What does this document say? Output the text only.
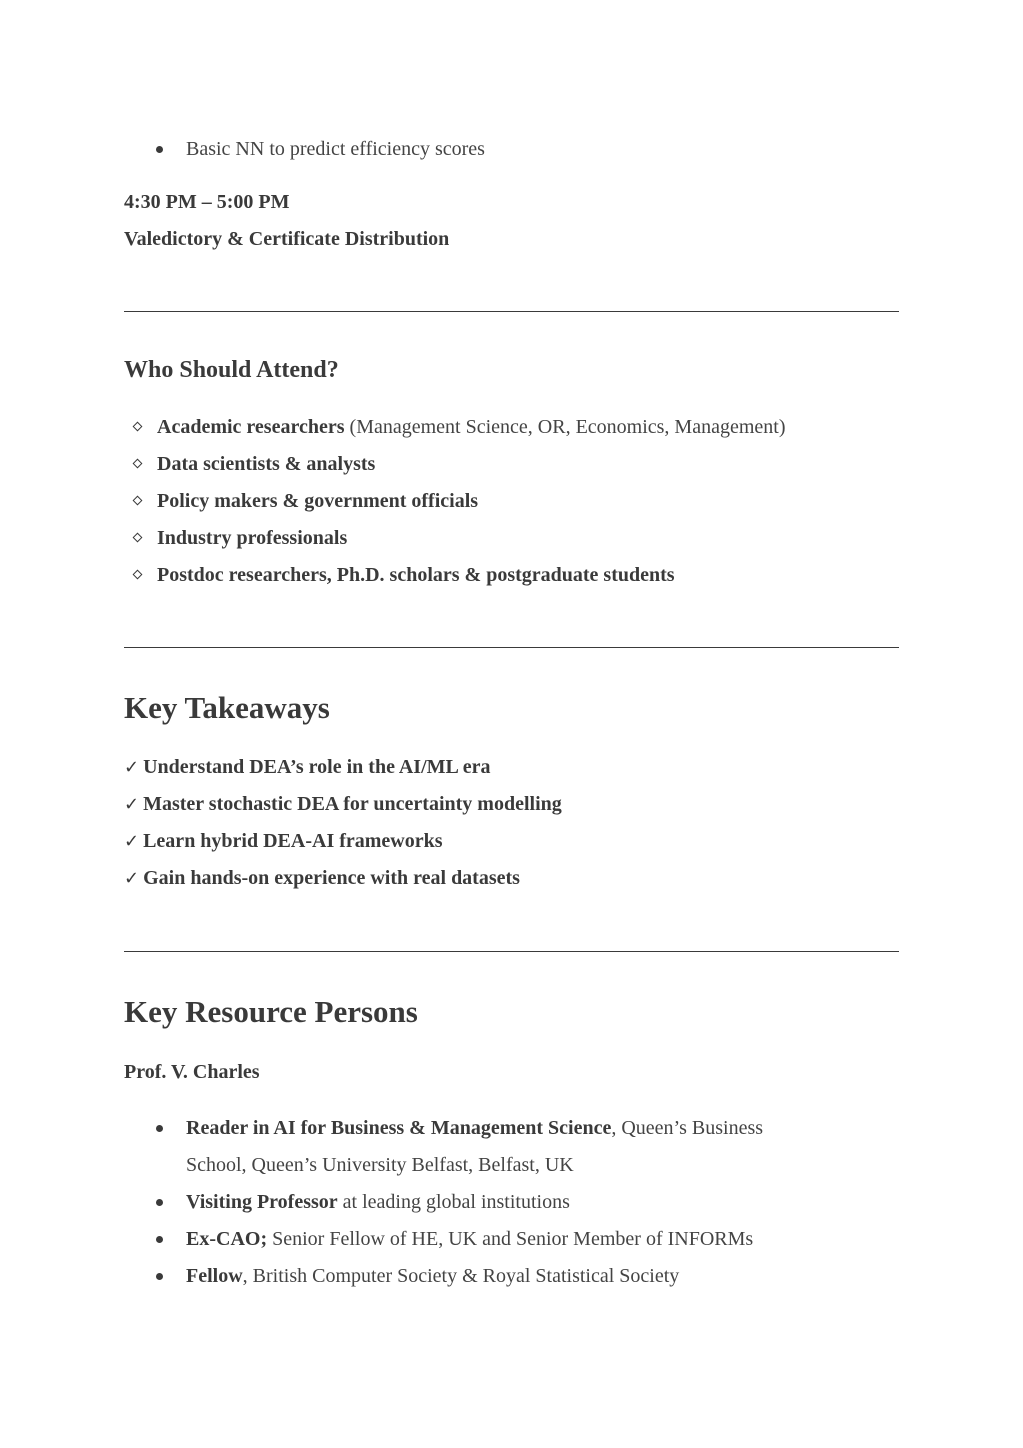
Basic NN to predict efficiency scores
4:30 PM – 5:00 PM
Valedictory & Certificate Distribution
Who Should Attend?
Academic researchers (Management Science, OR, Economics, Management)
Data scientists & analysts
Policy makers & government officials
Industry professionals
Postdoc researchers, Ph.D. scholars & postgraduate students
Key Takeaways
✓ Understand DEA’s role in the AI/ML era
✓ Master stochastic DEA for uncertainty modelling
✓ Learn hybrid DEA-AI frameworks
✓ Gain hands-on experience with real datasets
Key Resource Persons
Prof. V. Charles
Reader in AI for Business & Management Science, Queen’s Business
School, Queen’s University Belfast, Belfast, UK
Visiting Professor at leading global institutions
Ex-CAO; Senior Fellow of HE, UK and Senior Member of INFORMs
Fellow, British Computer Society & Royal Statistical Society
